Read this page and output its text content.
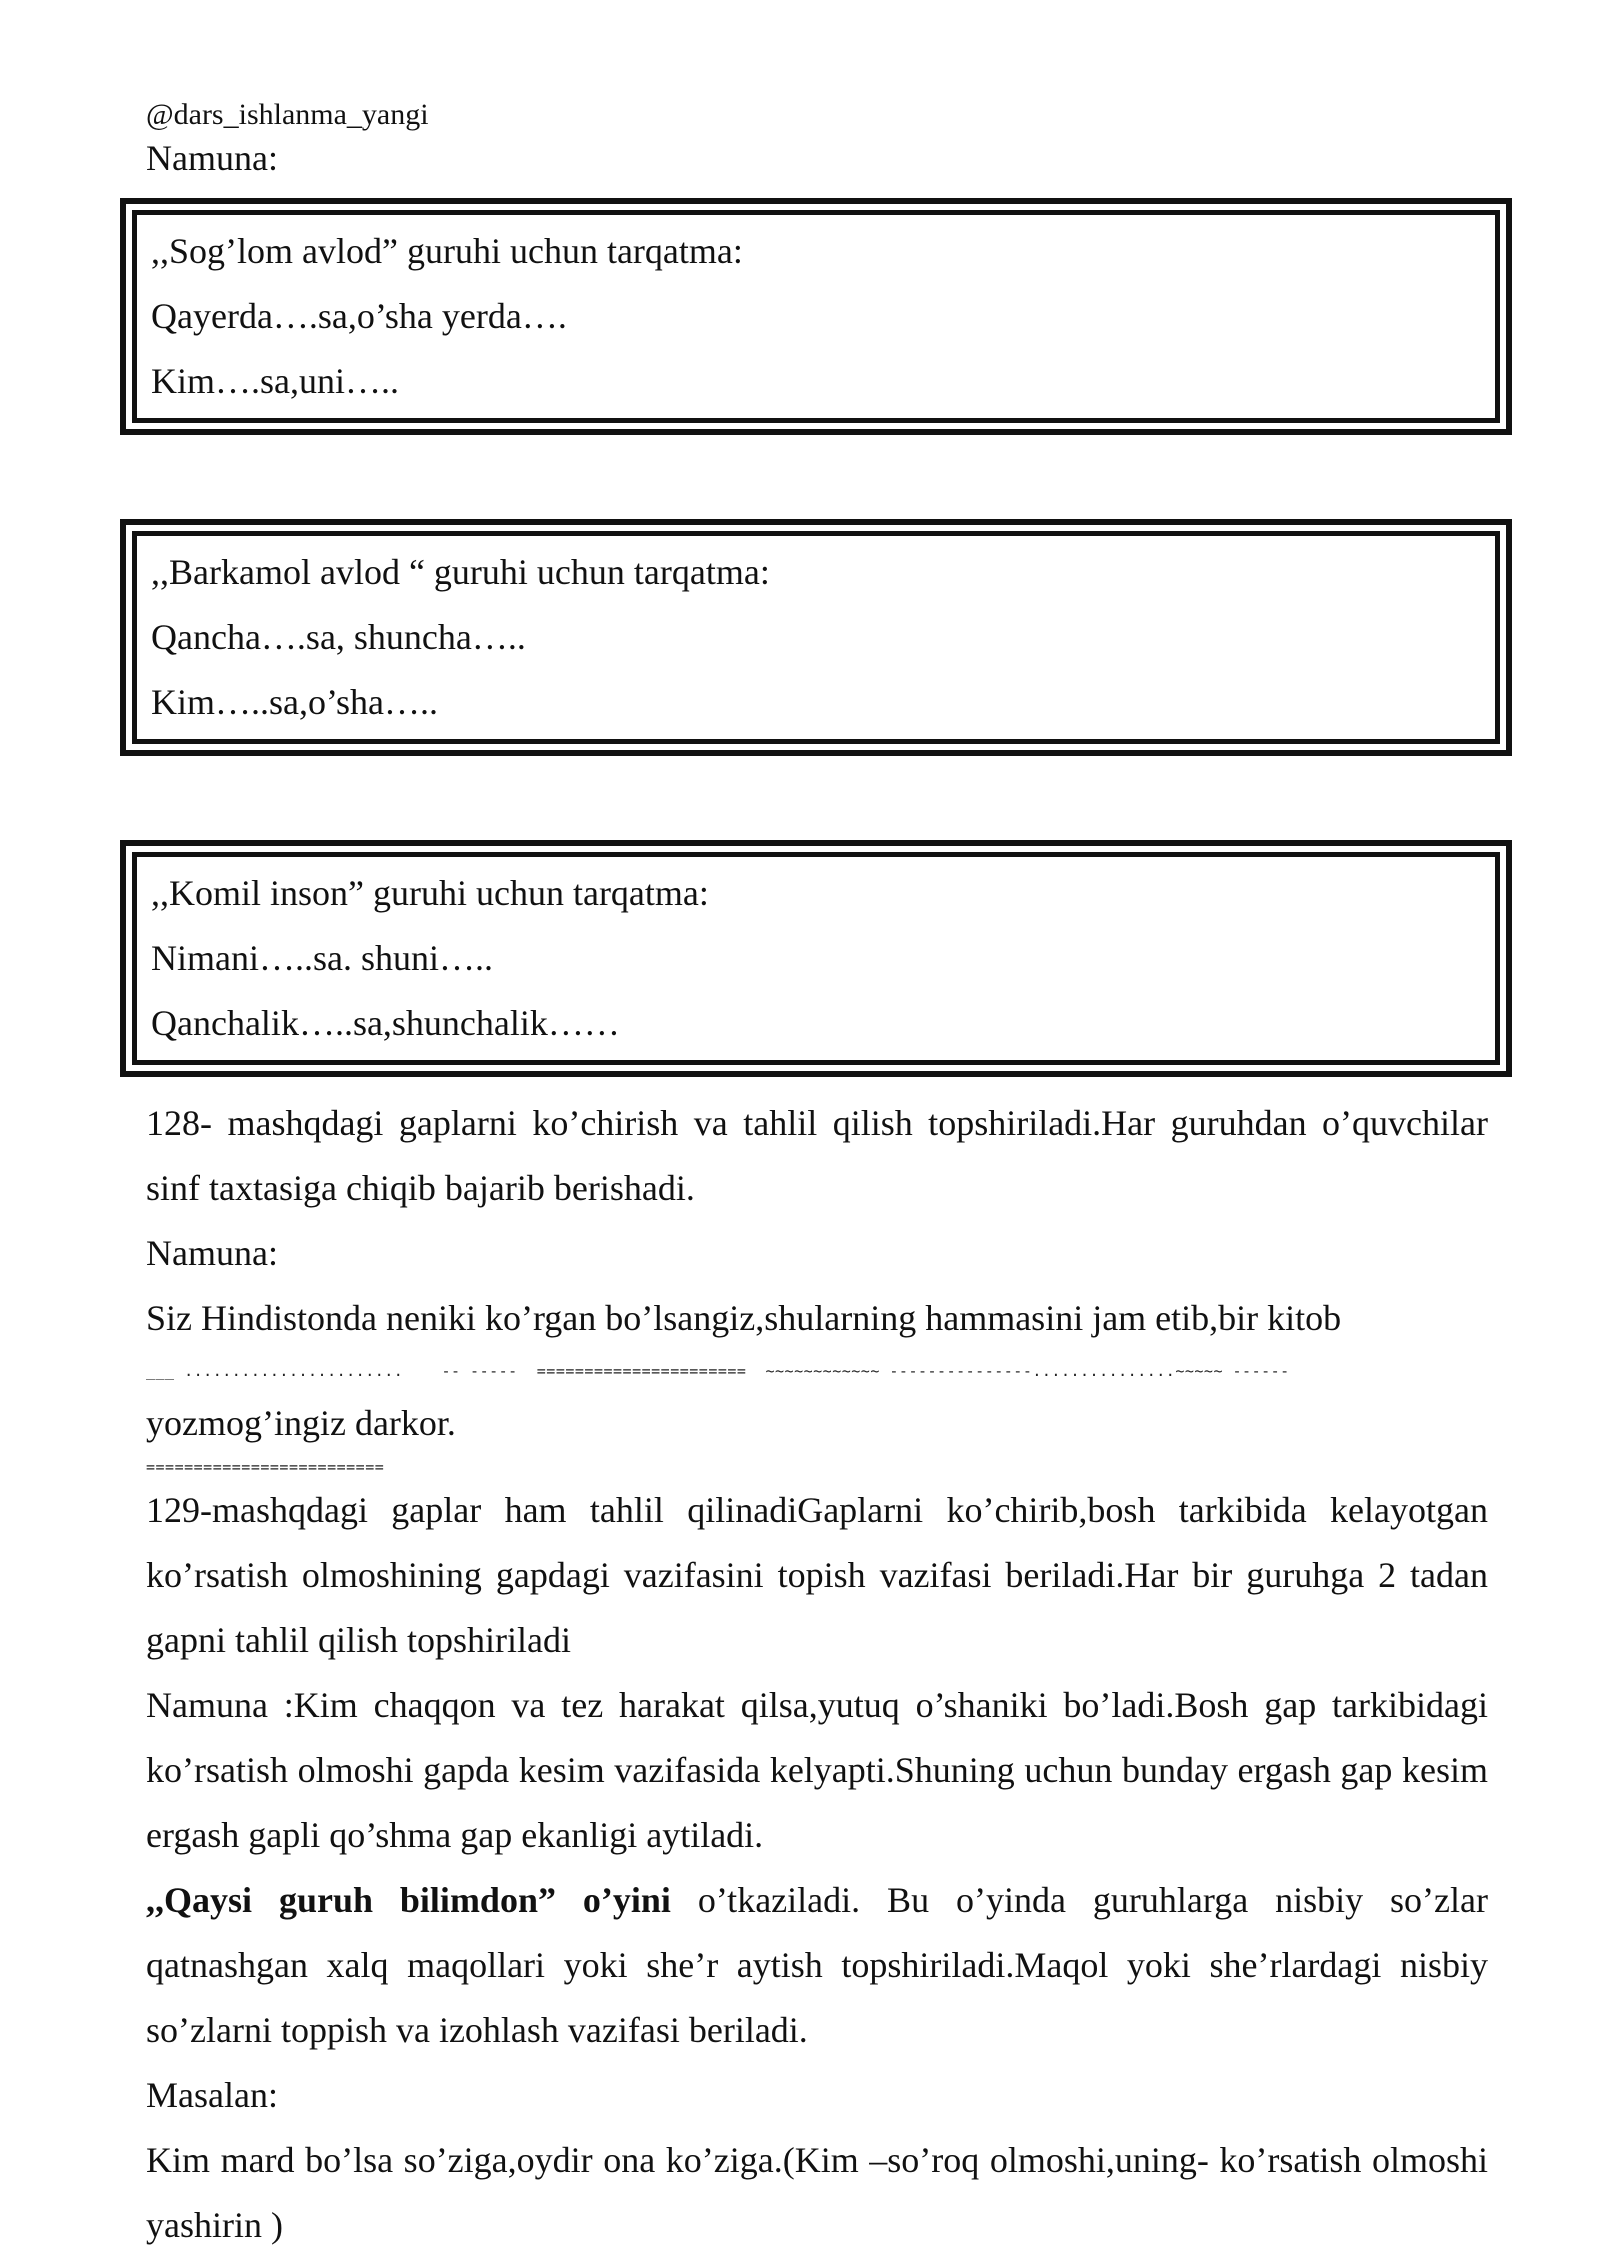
@dars_ishlanma_yangi
Namuna:
,,Sog’lom avlod” guruhi uchun tarqatma:
Qayerda….sa,o’sha yerda….
Kim….sa,uni…..
,,Barkamol avlod “ guruhi uchun tarqatma:
Qancha….sa, shuncha…..
Kim…..sa,o’sha…..
,,Komil inson” guruhi uchun tarqatma:
Nimani…..sa. shuni…..
Qanchalik…..sa,shunchalik……
128- mashqdagi gaplarni ko’chirish va tahlil qilish topshiriladi.Har guruhdan o’quvchilar sinf taxtasiga chiqib bajarib berishadi.
Namuna:
Siz Hindistonda neniki ko’rgan bo’lsangiz,shularning hammasini jam etib,bir kitob
___ .......................    -- -----  ======================  ~~~~~~~~~~~~ ---------------...............~~~~~ ------
yozmog’ingiz darkor.
=========================
129-mashqdagi gaplar ham tahlil qilinadiGaplarni ko’chirib,bosh tarkibida kelayotgan ko’rsatish olmoshining gapdagi vazifasini topish vazifasi beriladi.Har bir guruhga 2 tadan gapni tahlil qilish topshiriladi
Namuna :Kim chaqqon va tez harakat qilsa,yutuq o’shaniki bo’ladi.Bosh gap tarkibidagi ko’rsatish olmoshi gapda kesim vazifasida kelyapti.Shuning uchun bunday ergash gap kesim ergash gapli qo’shma gap ekanligi aytiladi.
,,Qaysi guruh bilimdon” o’yini o’tkaziladi. Bu o’yinda guruhlarga nisbiy so’zlar qatnashgan xalq maqollari yoki she’r aytish topshiriladi.Maqol yoki she’rlardagi nisbiy so’zlarni toppish va izohlash vazifasi beriladi.
Masalan:
Kim mard bo’lsa so’ziga,oydir ona ko’ziga.(Kim –so’roq olmoshi,uning- ko’rsatish olmoshi yashirin )
